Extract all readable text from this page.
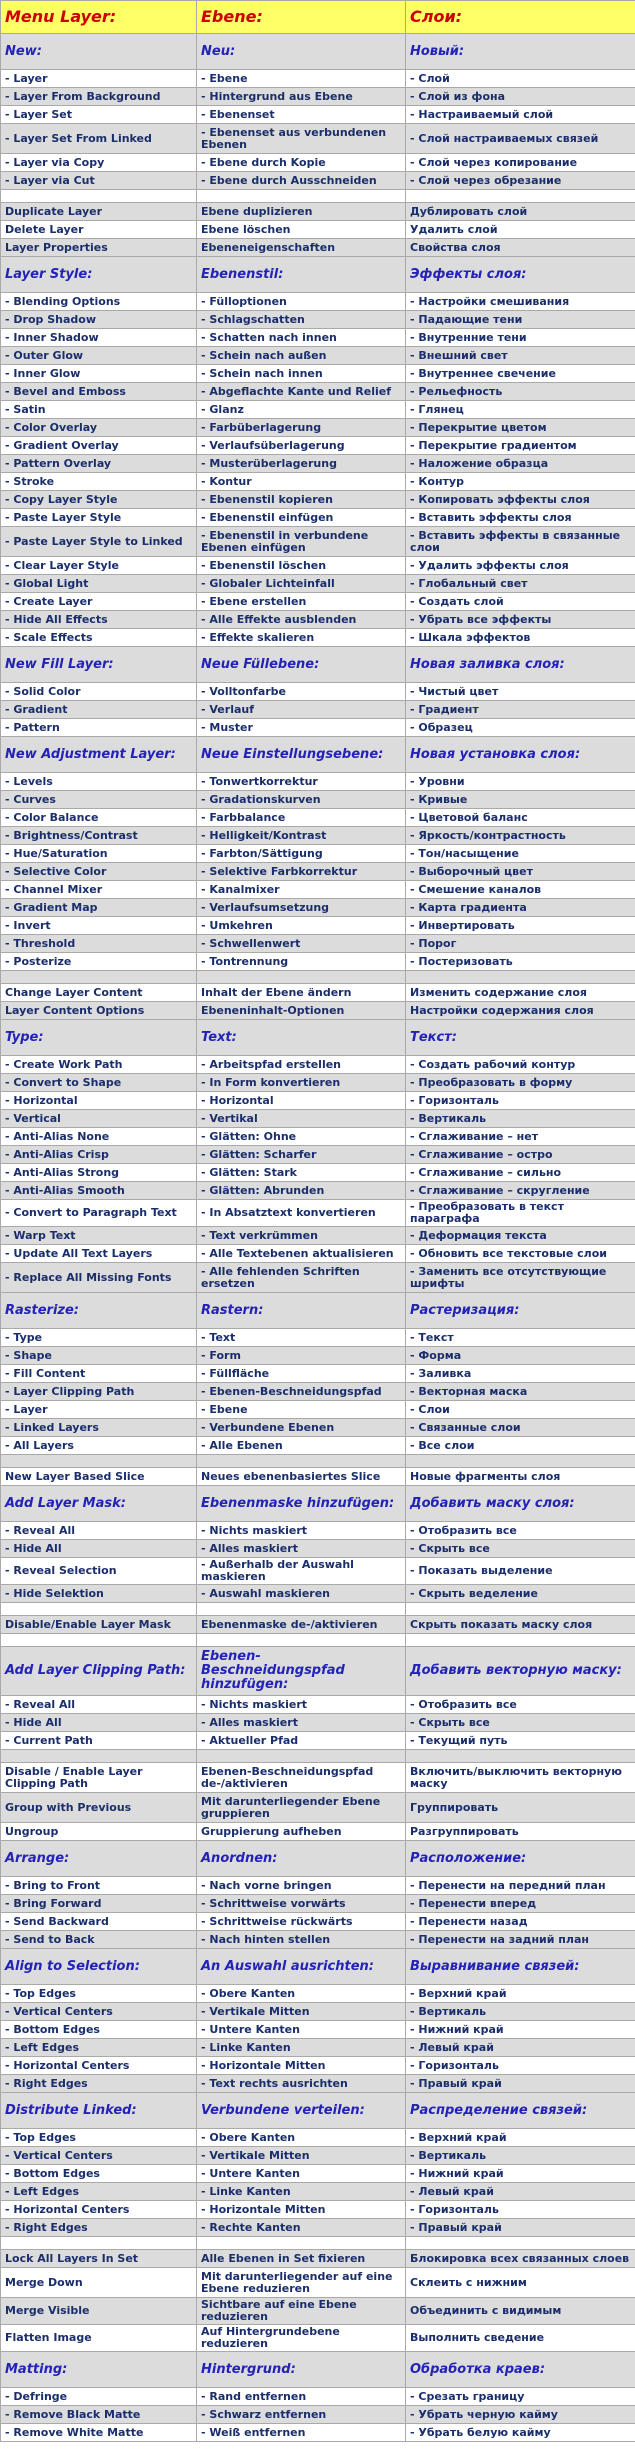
Menu Layer:	Ebene:	Слои:
New:	Neu:	Новый:
- Layer	- Ebene	- Слой
- Layer From Background	- Hintergrund aus Ebene	- Слой из фона
- Layer Set	- Ebenenset	- Настраиваемый слой
- Layer Set From Linked	- Ebenenset aus verbundenen Ebenen	- Слой настраиваемых связей
- Layer via Copy	- Ebene durch Kopie	- Слой через копирование
- Layer via Cut	- Ebene durch Ausschneiden	- Слой через обрезание

Duplicate Layer	Ebene duplizieren	Дублировать слой
Delete Layer	Ebene löschen	Удалить слой
Layer Properties	Ebeneneigenschaften	Свойства слоя
Layer Style:	Ebenenstil:	Эффекты слоя:
- Blending Options	- Fülloptionen	- Настройки смешивания
- Drop Shadow	- Schlagschatten	- Падающие тени
- Inner Shadow	- Schatten nach innen	- Внутренние тени
- Outer Glow	- Schein nach außen	- Внешний свет
- Inner Glow	- Schein nach innen	- Внутреннее свечение
- Bevel and Emboss	- Abgeflachte Kante und Relief	- Рельефность
- Satin	- Glanz	- Глянец
- Color Overlay	- Farbüberlagerung	- Перекрытие цветом
- Gradient Overlay	- Verlaufsüberlagerung	- Перекрытие градиентом
- Pattern Overlay	- Musterüberlagerung	- Наложение образца
- Stroke	- Kontur	- Контур
- Copy Layer Style	- Ebenenstil kopieren	- Копировать эффекты слоя
- Paste Layer Style	- Ebenenstil einfügen	- Вставить эффекты слоя
- Paste Layer Style to Linked	- Ebenenstil in verbundene Ebenen einfügen	- Вставить эффекты в связанные слои
- Clear Layer Style	- Ebenenstil löschen	- Удалить эффекты слоя
- Global Light	- Globaler Lichteinfall	- Глобальный свет
- Create Layer	- Ebene erstellen	- Создать слой
- Hide All Effects	- Alle Effekte ausblenden	- Убрать все эффекты
- Scale Effects	- Effekte skalieren	- Шкала эффектов
New Fill Layer:	Neue Füllebene:	Новая заливка слоя:
- Solid Color	- Volltonfarbe	- Чистый цвет
- Gradient	- Verlauf	- Градиент
- Pattern	- Muster	- Образец
New Adjustment Layer:	Neue Einstellungsebene:	Новая установка слоя:
- Levels	- Tonwertkorrektur	- Уровни
- Curves	- Gradationskurven	- Кривые
- Color Balance	- Farbbalance	- Цветовой баланс
- Brightness/Contrast	- Helligkeit/Kontrast	- Яркость/контрастность
- Hue/Saturation	- Farbton/Sättigung	- Тон/насыщение
- Selective Color	- Selektive Farbkorrektur	- Выборочный цвет
- Channel Mixer	- Kanalmixer	- Смешение каналов
- Gradient Map	- Verlaufsumsetzung	- Карта градиента
- Invert	- Umkehren	- Инвертировать
- Threshold	- Schwellenwert	- Порог
- Posterize	- Tontrennung	- Постеризовать

Change Layer Content	Inhalt der Ebene ändern	Изменить содержание слоя
Layer Content Options	Ebeneninhalt-Optionen	Настройки содержания слоя
Type:	Text:	Текст:
- Create Work Path	- Arbeitspfad erstellen	- Создать рабочий контур
- Convert to Shape	- In Form konvertieren	- Преобразовать в форму
- Horizontal	- Horizontal	- Горизонталь
- Vertical	- Vertikal	- Вертикаль
- Anti-Alias None	- Glätten: Ohne	- Сглаживание – нет
- Anti-Alias Crisp	- Glätten: Scharfer	- Сглаживание – остро
- Anti-Alias Strong	- Glätten: Stark	- Сглаживание – сильно
- Anti-Alias Smooth	- Glätten: Abrunden	- Сглаживание – скругление
- Convert to Paragraph Text	- In Absatztext konvertieren	- Преобразовать в текст параграфа
- Warp Text	- Text verkrümmen	- Деформация текста
- Update All Text Layers	- Alle Textebenen aktualisieren	- Обновить все текстовые слои
- Replace All Missing Fonts	- Alle fehlenden Schriften ersetzen	- Заменить все отсутствующие шрифты
Rasterize:	Rastern:	Растеризация:
- Type	- Text	- Текст
- Shape	- Form	- Форма
- Fill Content	- Füllfläche	- Заливка
- Layer Clipping Path	- Ebenen-Beschneidungspfad	- Векторная маска
- Layer	- Ebene	- Слои
- Linked Layers	- Verbundene Ebenen	- Связанные слои
- All Layers	- Alle Ebenen	- Все слои

New Layer Based Slice	Neues ebenenbasiertes Slice	Новые фрагменты слоя
Add Layer Mask:	Ebenenmaske hinzufügen:	Добавить маску слоя:
- Reveal All	- Nichts maskiert	- Отобразить все
- Hide All	- Alles maskiert	- Скрыть все
- Reveal Selection	- Außerhalb der Auswahl maskieren	- Показать выделение
- Hide Selektion	- Auswahl maskieren	- Скрыть веделение

Disable/Enable Layer Mask	Ebenenmaske de-/aktivieren	Скрыть показать маску слоя

Add Layer Clipping Path:	Ebenen-Beschneidungspfad hinzufügen:	Добавить векторную маску:
- Reveal All	- Nichts maskiert	- Отобразить все
- Hide All	- Alles maskiert	- Скрыть все
- Current Path	- Aktueller Pfad	- Текущий путь

Disable / Enable Layer Clipping Path	Ebenen-Beschneidungspfad de-/aktivieren	Включить/выключить векторную маску
Group with Previous	Mit darunterliegender Ebene gruppieren	Группировать
Ungroup	Gruppierung aufheben	Разгруппировать
Arrange:	Anordnen:	Расположение:
- Bring to Front	- Nach vorne bringen	- Перенести на передний план
- Bring Forward	- Schrittweise vorwärts	- Перенести вперед
- Send Backward	- Schrittweise rückwärts	- Перенести назад
- Send to Back	- Nach hinten stellen	- Перенести на задний план
Align to Selection:	An Auswahl ausrichten:	Выравнивание связей:
- Top Edges	- Obere Kanten	- Верхний край
- Vertical Centers	- Vertikale Mitten	- Вертикаль
- Bottom Edges	- Untere Kanten	- Нижний край
- Left Edges	- Linke Kanten	- Левый край
- Horizontal Centers	- Horizontale Mitten	- Горизонталь
- Right Edges	- Text rechts ausrichten	- Правый край
Distribute Linked:	Verbundene verteilen:	Распределение связей:
- Top Edges	- Obere Kanten	- Верхний край
- Vertical Centers	- Vertikale Mitten	- Вертикаль
- Bottom Edges	- Untere Kanten	- Нижний край
- Left Edges	- Linke Kanten	- Левый край
- Horizontal Centers	- Horizontale Mitten	- Горизонталь
- Right Edges	- Rechte Kanten	- Правый край

Lock All Layers In Set	Alle Ebenen in Set fixieren	Блокировка всех связанных слоев
Merge Down	Mit darunterliegender auf eine Ebene reduzieren	Склеить с нижним
Merge Visible	Sichtbare auf eine Ebene reduzieren	Объединить с видимым
Flatten Image	Auf Hintergrundebene reduzieren	Выполнить сведение
Matting:	Hintergrund:	Обработка краев:
- Defringe	- Rand entfernen	- Срезать границу
- Remove Black Matte	- Schwarz entfernen	- Убрать черную кайму
- Remove White Matte	- Weiß entfernen	- Убрать белую кайму
